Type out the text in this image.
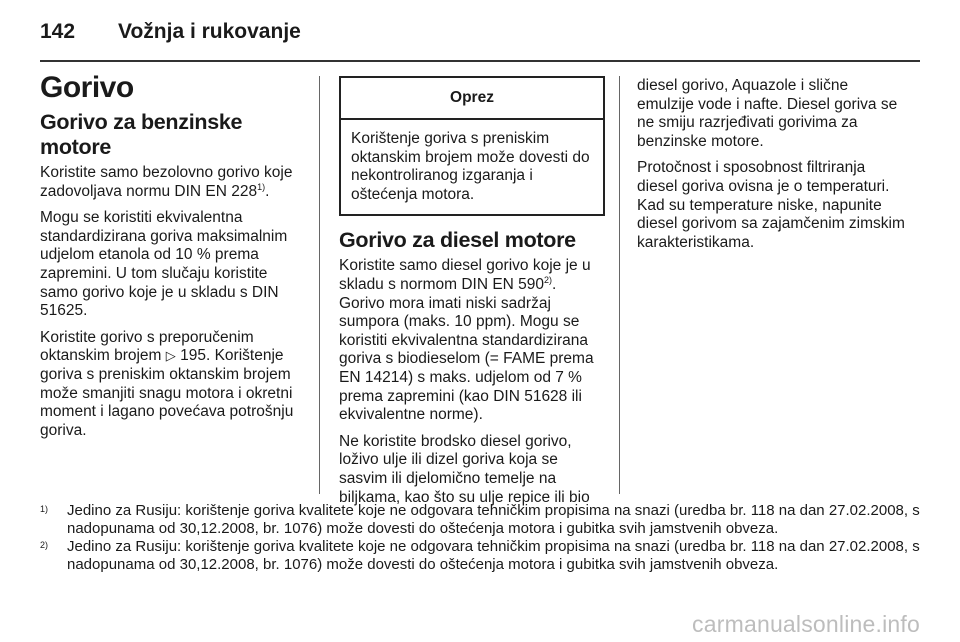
142 Vožnja i rukovanje
Gorivo
Gorivo za benzinske motore

Koristite samo bezolovno gorivo koje zadovoljava normu DIN EN 228$^{1)}$.

Mogu se koristiti ekvivalentna standardizirana goriva maksimalnim udjelom etanola od 10 % prema zapremini. U tom slučaju koristite samo gorivo koje je u skladu s DIN 51625.

Koristite gorivo s preporučenim oktanskim brojem ▷ 195. Korištenje goriva s preniskim oktanskim brojem može smanjiti snagu motora i okretni moment i lagano povećava potrošnju goriva.

Oprez
Korištenje goriva s preniskim oktanskim brojem može dovesti do nekontroliranog izgaranja i oštećenja motora.
Gorivo za diesel motore

Koristite samo diesel gorivo koje je u skladu s normom DIN EN 590$^{2)}$. Gorivo mora imati niski sadržaj sumpora (maks. 10 ppm). Mogu se koristiti ekvivalentna standardizirana goriva s biodieselom (= FAME prema EN 14214) s maks. udjelom od 7 % prema zapremini (kao DIN 51628 ili ekvivalentne norme).

Ne koristite brodsko diesel gorivo, loživo ulje ili dizel goriva koja se sasvim ili djelomično temelje na biljkama, kao što su ulje repice ili bio

diesel gorivo, Aquazole i slične emulzije vode i nafte. Diesel goriva se ne smiju razrjeđivati gorivima za benzinske motore.

Protočnost i sposobnost filtriranja diesel goriva ovisna je o temperaturi. Kad su temperature niske, napunite diesel gorivom sa zajamčenim zimskim karakteristikama.

1) Jedino za Rusiju: korištenje goriva kvalitete koje ne odgovara tehničkim propisima na snazi (uredba br. 118 na dan 27.02.2008, s nadopunama od 30,12.2008, br. 1076) može dovesti do oštećenja motora i gubitka svih jamstvenih obveza.

2) Jedino za Rusiju: korištenje goriva kvalitete koje ne odgovara tehničkim propisima na snazi (uredba br. 118 na dan 27.02.2008, s nadopunama od 30,12.2008, br. 1076) može dovesti do oštećenja motora i gubitka svih jamstvenih obveza.

carmanualsonline.info
